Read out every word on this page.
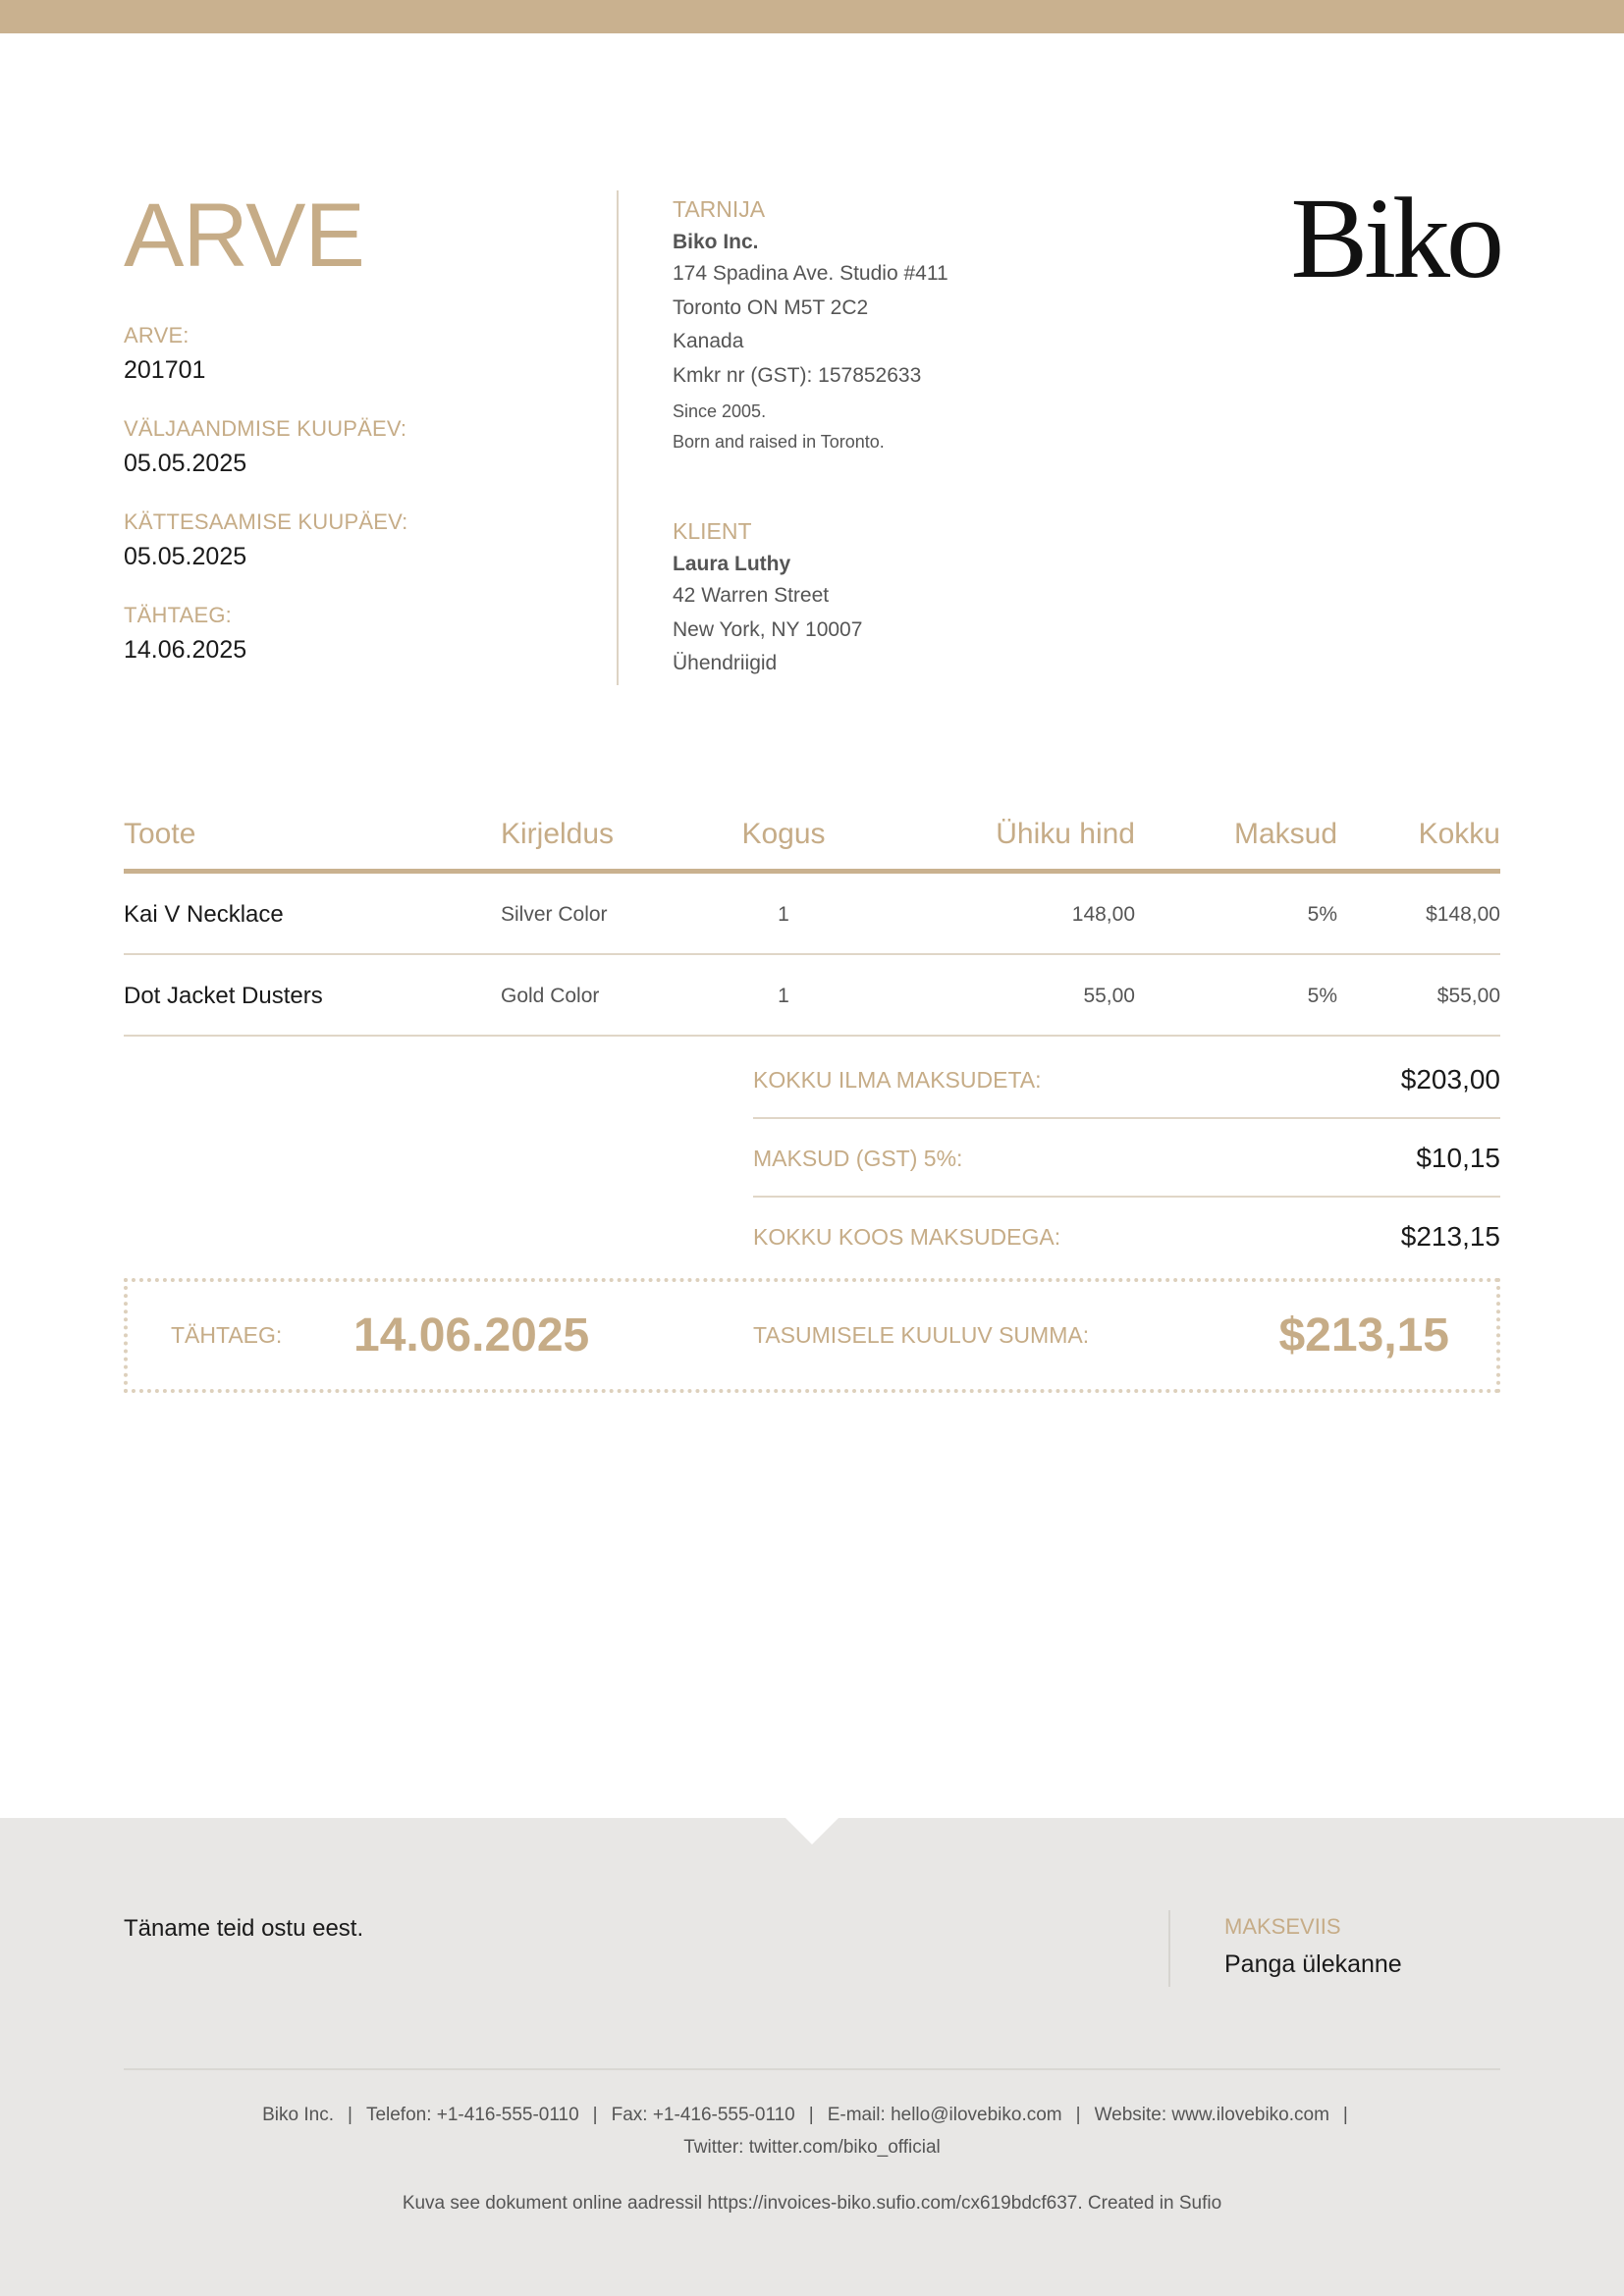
ARVE
ARVE:
201701
VÄLJAANDMISE KUUPÄEV:
05.05.2025
KÄTTESAAMISE KUUPÄEV:
05.05.2025
TÄHTAEG:
14.06.2025
TARNIJA
Biko Inc.
174 Spadina Ave. Studio #411
Toronto ON M5T 2C2
Kanada
Kmkr nr (GST): 157852633
Since 2005.
Born and raised in Toronto.
KLIENT
Laura Luthy
42 Warren Street
New York, NY 10007
Ühendriigid
Biko
Toote	Kirjeldus	Kogus	Ühiku hind	Maksud	Kokku
Kai V Necklace	Silver Color	1	148,00	5%	$148,00
Dot Jacket Dusters	Gold Color	1	55,00	5%	$55,00
KOKKU ILMA MAKSUDETA:	$203,00
MAKSUD (GST) 5%:	$10,15
KOKKU KOOS MAKSUDEGA:	$213,15
TÄHTAEG: 14.06.2025	TASUMISELE KUULUV SUMMA:	$213,15
Täname teid ostu eest.	MAKSEVIIS
Panga ülekanne
Biko Inc. | Telefon: +1-416-555-0110 | Fax: +1-416-555-0110 | E-mail: hello@ilovebiko.com | Website: www.ilovebiko.com |
Twitter: twitter.com/biko_official
Kuva see dokument online aadressil https://invoices-biko.sufio.com/cx619bdcf637. Created in Sufio
